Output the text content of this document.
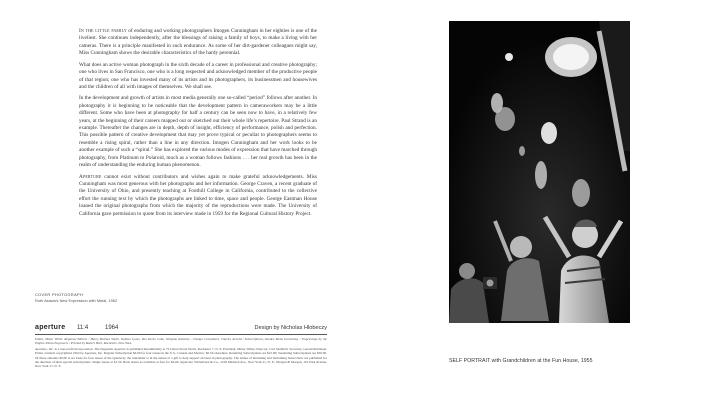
In the little family of enduring and working photographers Imogen Cunningham in her eighties is one of the liveliest. She continues independently, after the blessings of raising a family of boys, to make a living with her cameras. There is a principle manifested in such endurance. As some of her dirt-gardener colleagues might say, Miss Cunningham shows the desirable characteristics of the hardy perennial.

What does an active woman photograph in the sixth decade of a career in professional and creative photography; one who lives in San Francisco, one who is a long respected and acknowledged member of the productive people of that region; one who has invested many of its artists and its photographers, its businessmen and housewives and the children of all with images of themselves. We shall see.

In the development and growth of artists in most media generally one so-called “period” follows after another. In photography it is beginning to be noticeable that the development pattern in cameraworkers may be a little different. Some who have been at photography for half a century can be seen now to have, in a relatively few years, at the beginning of their careers mapped out or sketched out their whole life’s repertoire. Paul Strand is an example. Thereafter the changes are in depth, depth of insight, efficiency of performance, polish and perfection. This possible pattern of creative development that may yet prove typical or peculiar to photographers seems to resemble a rising spiral, rather than a line in any direction. Imogen Cunningham and her work looks to be another example of such a “spiral.” She has explored the various modes of expression that have marched through photography, from Platinum to Polaroid, much as a woman follows fashions . . . her real growth has been in the realm of understanding the enduring human phenomenon.

Aperture cannot exist without contributors and wishes again to make grateful acknowledgements. Miss Cunningham was most generous with her photographs and her information. George Craven, a recent graduate of the University of Ohio, and presently teaching at Foothill College in California, contributed to the collective effort the running text by which the photographs are linked to time, space and people. George Eastman House loaned the original photographs from which the majority of the reproductions were made. The University of California gave permission to quote from its interview made in 1959 for the Regional Cultural History Project.

COVER PHOTOGRAPH
Ruth Asawa’s New Expression with Metal, 1962
aperture 11:4	1964	Design by Nicholas Hlobeczy

Editor, Minor White. Regional Editors / Henry Holmes Smith, Nathan Lyons, Van Deren Coke, Simpson Kalisher. / Design Consultant, Charles Arnold / Subscriptions, Sandra Meek Greenberg. / Engravings by the Empire Photo Engravers / Printed by Robert Hart, Rochester, New York.

Aperture, Inc. is a non-profit incorporation. The magazine Aperture is published intermittently at 72 Union Street North, Rochester 7, N. Y. President, Minor White; Director, Carl Siembab; Secretary, Gerald Robinson. Entire contents copyrighted 1964 by Aperture, Inc. Regular Subscription $6.00 for four issues in the U.S., Canada and Mexico; $6.50 elsewhere. Retaining Subscriptions are $15.00; Sustaining Subscriptions are $50.00. Of these amounts $9.00 is set aside for four issues of the Quarterly; the remainder is in the nature of a gift to help support an ideal in photography. The names of Retaining and Sustaining Subscribers are published for the duration of their special subscriptions. Single issues at $1.50. Back issues as available at four for $6.00. Agencies: Wittenborn & Co., 1018 Madison Ave., New York 21, N. Y., Morgan & Morgan, 101 Park Avenue, New York 17, N. Y.

SELF PORTRAIT with Grandchildren at the Fun House, 1955
